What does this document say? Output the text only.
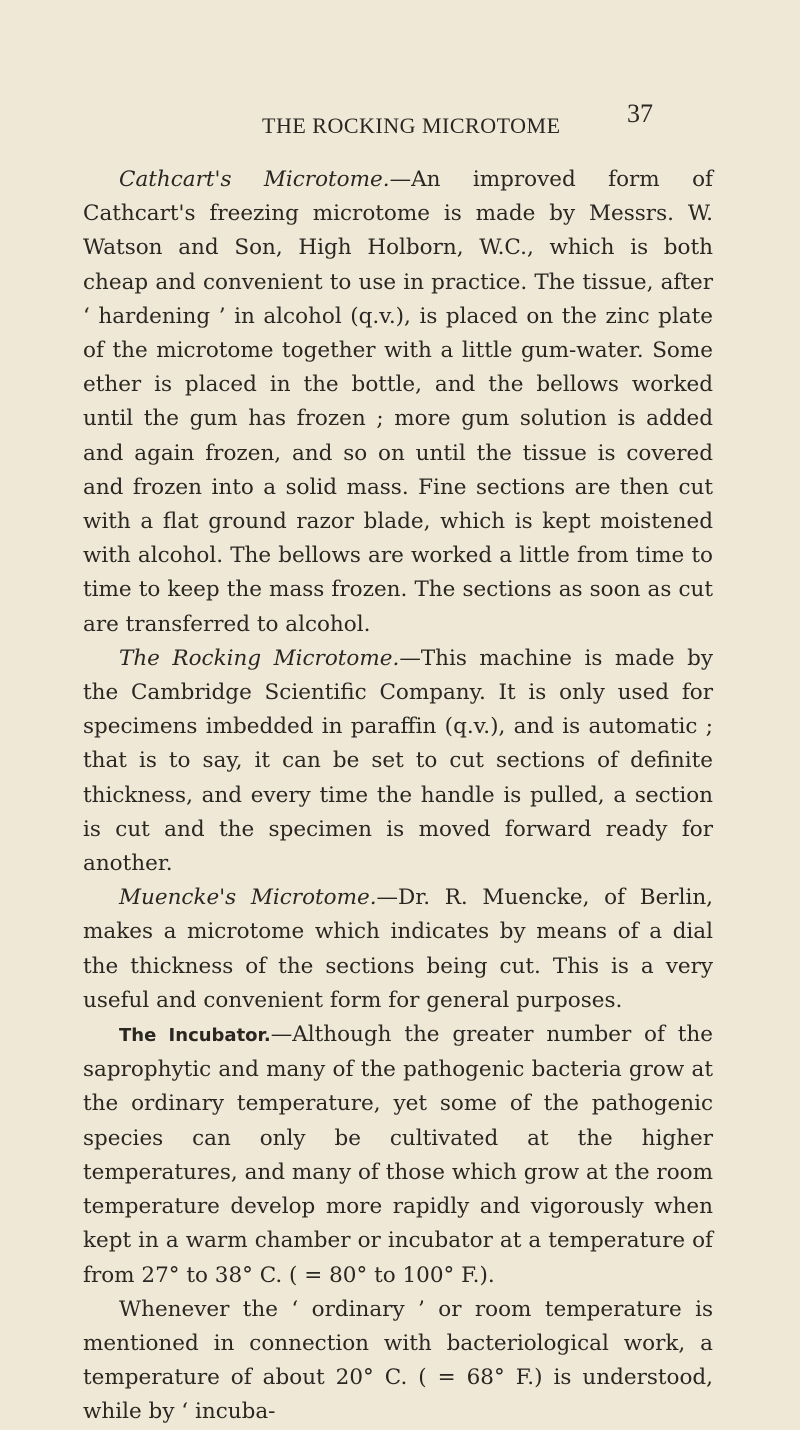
THE ROCKING MICROTOME	37

Cathcart's Microtome.—An improved form of Cathcart's freezing microtome is made by Messrs. W. Watson and Son, High Holborn, W.C., which is both cheap and convenient to use in practice. The tissue, after ‘ hardening ’ in alcohol (q.v.), is placed on the zinc plate of the microtome together with a little gum-water. Some ether is placed in the bottle, and the bellows worked until the gum has frozen ; more gum solution is added and again frozen, and so on until the tissue is covered and frozen into a solid mass. Fine sections are then cut with a flat ground razor blade, which is kept moistened with alcohol. The bellows are worked a little from time to time to keep the mass frozen. The sections as soon as cut are transferred to alcohol.

The Rocking Microtome.—This machine is made by the Cambridge Scientific Company. It is only used for specimens imbedded in paraffin (q.v.), and is automatic ; that is to say, it can be set to cut sections of definite thickness, and every time the handle is pulled, a section is cut and the specimen is moved forward ready for another.

Muencke's Microtome.—Dr. R. Muencke, of Berlin, makes a microtome which indicates by means of a dial the thickness of the sections being cut. This is a very useful and convenient form for general purposes.

The Incubator.—Although the greater number of the saprophytic and many of the pathogenic bacteria grow at the ordinary temperature, yet some of the pathogenic species can only be cultivated at the higher temperatures, and many of those which grow at the room temperature develop more rapidly and vigorously when kept in a warm chamber or incubator at a temperature of from 27° to 38° C. ( = 80° to 100° F.).

Whenever the ‘ ordinary ’ or room temperature is mentioned in connection with bacteriological work, a temperature of about 20° C. ( = 68° F.) is understood, while by ‘ incuba-
